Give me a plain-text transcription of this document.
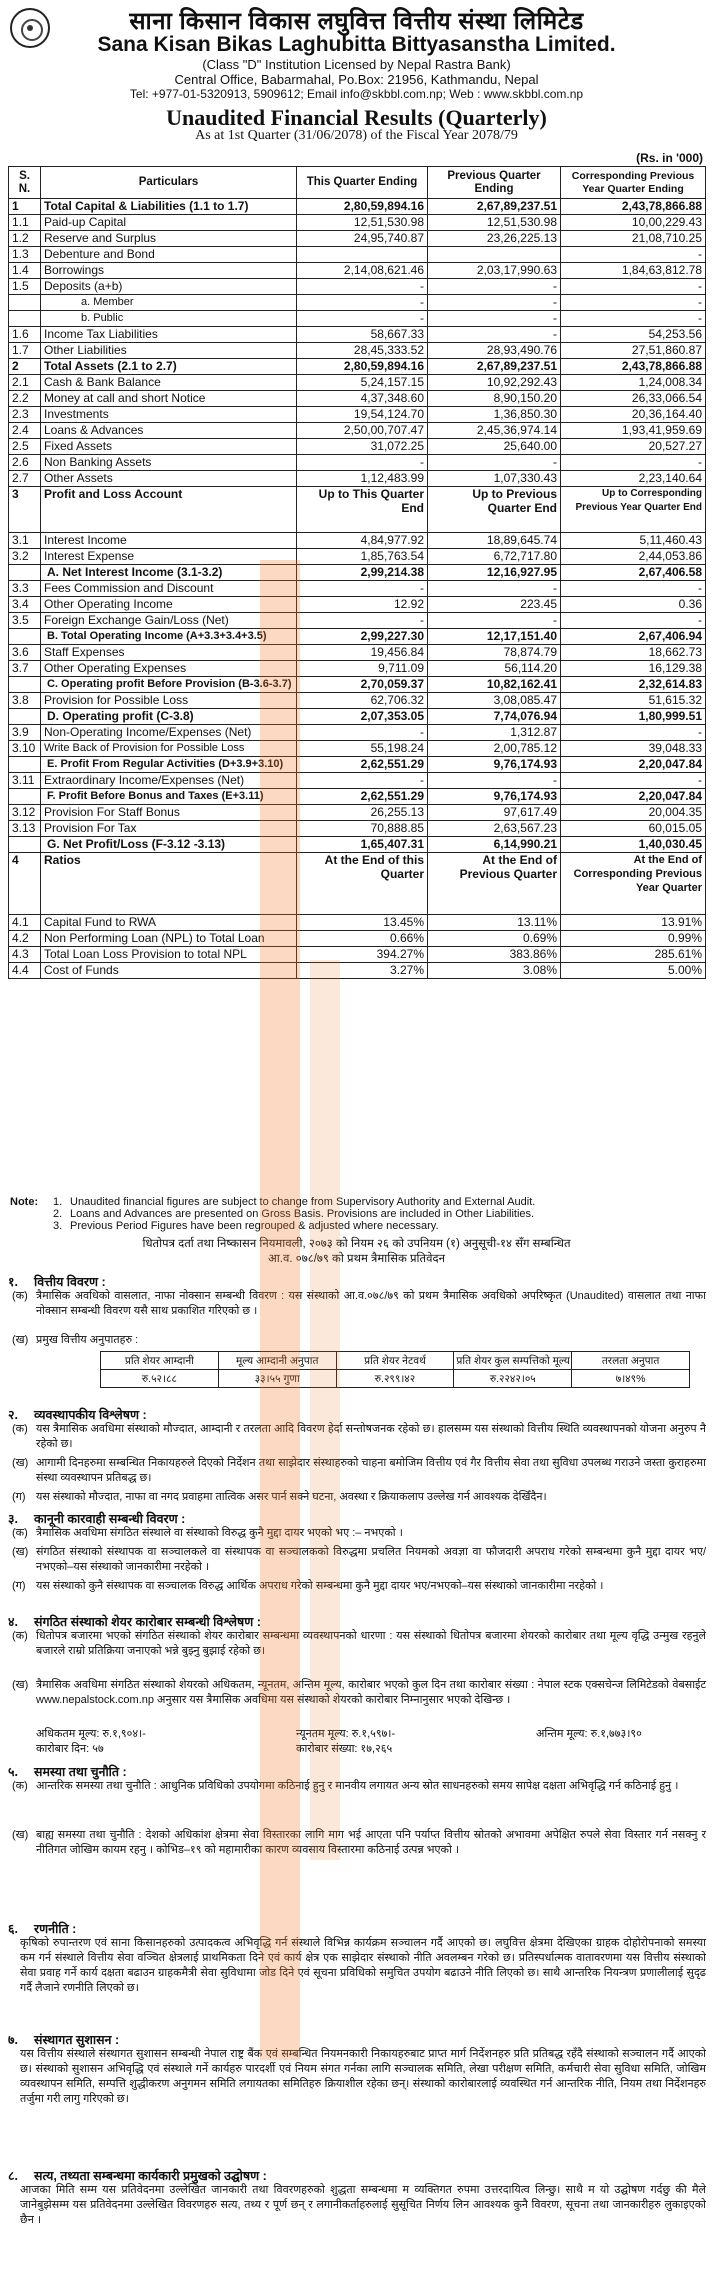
साना किसान विकास लघुवित्त वित्तीय संस्था लिमिटेड
Sana Kisan Bikas Laghubitta Bittyasanstha Limited.
(Class "D" Institution Licensed by Nepal Rastra Bank)
Central Office, Babarmahal, Po.Box: 21956, Kathmandu, Nepal
Tel: +977-01-5320913, 5909612; Email info@skbbl.com.np; Web : www.skbbl.com.np
Unaudited Financial Results (Quarterly)
As at 1st Quarter (31/06/2078) of the Fiscal Year 2078/79
(Rs. in '000)
S. N.	Particulars	This Quarter Ending	Previous Quarter Ending	Corresponding Previous Year Quarter Ending
1	Total Capital & Liabilities (1.1 to 1.7)	2,80,59,894.16	2,67,89,237.51	2,43,78,866.88
1.1	Paid-up Capital	12,51,530.98	12,51,530.98	10,00,229.43
1.2	Reserve and Surplus	24,95,740.87	23,26,225.13	21,08,710.25
1.3	Debenture and Bond			-
1.4	Borrowings	2,14,08,621.46	2,03,17,990.63	1,84,63,812.78
1.5	Deposits (a+b)	-	-	-
	a. Member	-	-	-
	b. Public	-	-	-
1.6	Income Tax Liabilities	58,667.33	-	54,253.56
1.7	Other Liabilities	28,45,333.52	28,93,490.76	27,51,860.87
2	Total Assets (2.1 to 2.7)	2,80,59,894.16	2,67,89,237.51	2,43,78,866.88
2.1	Cash & Bank Balance	5,24,157.15	10,92,292.43	1,24,008.34
2.2	Money at call and short Notice	4,37,348.60	8,90,150.20	26,33,066.54
2.3	Investments	19,54,124.70	1,36,850.30	20,36,164.40
2.4	Loans & Advances	2,50,00,707.47	2,45,36,974.14	1,93,41,959.69
2.5	Fixed Assets	31,072.25	25,640.00	20,527.27
2.6	Non Banking Assets	-	-	-
2.7	Other Assets	1,12,483.99	1,07,330.43	2,23,140.64
3	Profit and Loss Account	Up to This Quarter End	Up to Previous Quarter End	Up to Corresponding Previous Year Quarter End
3.1	Interest Income	4,84,977.92	18,89,645.74	5,11,460.43
3.2	Interest Expense	1,85,763.54	6,72,717.80	2,44,053.86
	A. Net Interest Income (3.1-3.2)	2,99,214.38	12,16,927.95	2,67,406.58
3.3	Fees Commission and Discount	-	-	-
3.4	Other Operating Income	12.92	223.45	0.36
3.5	Foreign Exchange Gain/Loss (Net)	-	-	-
	B. Total Operating Income (A+3.3+3.4+3.5)	2,99,227.30	12,17,151.40	2,67,406.94
3.6	Staff Expenses	19,456.84	78,874.79	18,662.73
3.7	Other Operating Expenses	9,711.09	56,114.20	16,129.38
	C. Operating profit Before Provision (B-3.6-3.7)	2,70,059.37	10,82,162.41	2,32,614.83
3.8	Provision for Possible Loss	62,706.32	3,08,085.47	51,615.32
	D. Operating profit (C-3.8)	2,07,353.05	7,74,076.94	1,80,999.51
3.9	Non-Operating Income/Expenses (Net)	-	1,312.87	-
3.10	Write Back of Provision for Possible Loss	55,198.24	2,00,785.12	39,048.33
	E. Profit From Regular Activities (D+3.9+3.10)	2,62,551.29	9,76,174.93	2,20,047.84
3.11	Extraordinary Income/Expenses (Net)	-	-	-
	F. Profit Before Bonus and Taxes (E+3.11)	2,62,551.29	9,76,174.93	2,20,047.84
3.12	Provision For Staff Bonus	26,255.13	97,617.49	20,004.35
3.13	Provision For Tax	70,888.85	2,63,567.23	60,015.05
	G. Net Profit/Loss (F-3.12 -3.13)	1,65,407.31	6,14,990.21	1,40,030.45
4	Ratios	At the End of this Quarter	At the End of Previous Quarter	At the End of Corresponding Previous Year Quarter
4.1	Capital Fund to RWA	13.45%	13.11%	13.91%
4.2	Non Performing Loan (NPL) to Total Loan	0.66%	0.69%	0.99%
4.3	Total Loan Loss Provision to total NPL	394.27%	383.86%	285.61%
4.4	Cost of Funds	3.27%	3.08%	5.00%
Note: 1. Unaudited financial figures are subject to change from Supervisory Authority and External Audit.
2. Loans and Advances are presented on Gross Basis. Provisions are included in Other Liabilities.
3. Previous Period Figures have been regrouped & adjusted where necessary.
धितोपत्र दर्ता तथा निष्कासन नियमावली, २०७३ को नियम २६ को उपनियम (१) अनुसूची-१४ सँग सम्बन्धित
आ.व. ०७८/७९ को प्रथम त्रैमासिक प्रतिवेदन
१. वित्तीय विवरण :
(क) त्रैमासिक अवधिको वासलात, नाफा नोक्सान सम्बन्धी विवरण : यस संस्थाको आ.व.०७८/७९ को प्रथम त्रैमासिक अवधिको अपरिष्कृत (Unaudited) वासलात तथा नाफा नोक्सान सम्बन्धी विवरण यसै साथ प्रकाशित गरिएको छ ।
(ख) प्रमुख वित्तीय अनुपातहरु :
प्रति शेयर आम्दानी	मूल्य आम्दानी अनुपात	प्रति शेयर नेटवर्थ	प्रति शेयर कुल सम्पत्तिको मूल्य	तरलता अनुपात
रु.५२।८८	३३।५५ गुणा	रु.२९९।४२	रु.२२४२।०५	७।४९%
२. व्यवस्थापकीय विश्लेषण :
(क) यस त्रैमासिक अवधिमा संस्थाको मौज्दात, आम्दानी र तरलता आदि विवरण हेर्दा सन्तोषजनक रहेको छ। हालसम्म यस संस्थाको वित्तीय स्थिति व्यवस्थापनको योजना अनुरुप नै रहेको छ।
(ख) आगामी दिनहरुमा सम्बन्धित निकायहरुले दिएको निर्देशन तथा साझेदार संस्थाहरुको चाहना बमोजिम वित्तीय एवं गैर वित्तीय सेवा तथा सुविधा उपलब्ध गराउने जस्ता कुराहरुमा संस्था व्यवस्थापन प्रतिबद्ध छ।
(ग) यस संस्थाको मौज्दात, नाफा वा नगद प्रवाहमा तात्विक असर पार्न सक्ने घटना, अवस्था र क्रियाकलाप उल्लेख गर्न आवश्यक देखिँदैन।
३. कानूनी कारवाही सम्बन्धी विवरण :
(क) त्रैमासिक अवधिमा संगठित संस्थाले वा संस्थाको विरुद्ध कुनै मुद्दा दायर भएको भए :– नभएको ।
(ख) संगठित संस्थाको संस्थापक वा सञ्चालकले वा संस्थापक वा सञ्चालकको विरुद्धमा प्रचलित नियमको अवज्ञा वा फौजदारी अपराध गरेको सम्बन्धमा कुनै मुद्दा दायर भए/नभएको–यस संस्थाको जानकारीमा नरहेको ।
(ग) यस संस्थाको कुनै संस्थापक वा सञ्चालक विरुद्ध आर्थिक अपराध गरेको सम्बन्धमा कुनै मुद्दा दायर भए/नभएको–यस संस्थाको जानकारीमा नरहेको ।
४. संगठित संस्थाको शेयर कारोबार सम्बन्धी विश्लेषण :
(क) धितोपत्र बजारमा भएको संगठित संस्थाको शेयर कारोबार सम्बन्धमा व्यवस्थापनको धारणा : यस संस्थाको धितोपत्र बजारमा शेयरको कारोबार तथा मूल्य वृद्धि उन्मुख रहनुले बजारले राम्रो प्रतिक्रिया जनाएको भन्ने बुझ्नु बुझाई रहेको छ।
(ख) त्रैमासिक अवधिमा संगठित संस्थाको शेयरको अधिकतम, न्यूनतम, अन्तिम मूल्य, कारोबार भएको कुल दिन तथा कारोबार संख्या : नेपाल स्टक एक्सचेन्ज लिमिटेडको वेबसाईट www.nepalstock.com.np अनुसार यस त्रैमासिक अवधिमा यस संस्थाको शेयरको कारोबार निम्नानुसार भएको देखिन्छ ।
अधिकतम मूल्य: रु.१,९०४।-	न्यूनतम मूल्य: रु.१,५९७।-	अन्तिम मूल्य: रु.१,७७३।९०
कारोबार दिन: ५७	कारोबार संख्या: १७,२६५
५. समस्या तथा चुनौति :
(क) आन्तरिक समस्या तथा चुनौति : आधुनिक प्रविधिको उपयोगमा कठिनाई हुनु र मानवीय लगायत अन्य स्रोत साधनहरुको समय सापेक्ष दक्षता अभिवृद्धि गर्न कठिनाई हुनु ।
(ख) बाह्य समस्या तथा चुनौति : देशको अधिकांश क्षेत्रमा सेवा विस्तारका लागि माग भई आएता पनि पर्याप्त वित्तीय स्रोतको अभावमा अपेक्षित रुपले सेवा विस्तार गर्न नसक्नु र नीतिगत जोखिम कायम रहनु । कोभिड–१९ को महामारीका कारण व्यवसाय विस्तारमा कठिनाई उत्पन्न भएको ।
६. रणनीति :
कृषिको रुपान्तरण एवं साना किसानहरुको उत्पादकत्व अभिवृद्धि गर्न संस्थाले विभिन्न कार्यक्रम सञ्चालन गर्दै आएको छ। लघुवित्त क्षेत्रमा देखिएका ग्राहक दोहोरोपनाको समस्या कम गर्न संस्थाले वित्तीय सेवा वञ्चित क्षेत्रलाई प्राथमिकता दिने एवं कार्य क्षेत्र एक साझेदार संस्थाको नीति अवलम्बन गरेको छ। प्रतिस्पर्धात्मक वातावरणमा यस वित्तीय संस्थाको सेवा प्रवाह गर्ने कार्य दक्षता बढाउन ग्राहकमैत्री सेवा सुविधामा जोड दिने एवं सूचना प्रविधिको समुचित उपयोग बढाउने नीति लिएको छ। साथै आन्तरिक नियन्त्रण प्रणालीलाई सुदृढ गर्दै लैजाने रणनीति लिएको छ।
७. संस्थागत सुशासन :
यस वित्तीय संस्थाले संस्थागत सुशासन सम्बन्धी नेपाल राष्ट्र बैंक एवं सम्बन्धित नियमनकारी निकायहरुबाट प्राप्त मार्ग निर्देशनहरु प्रति प्रतिबद्ध रहँदै संस्थाको सञ्चालन गर्दै आएको छ। संस्थाको सुशासन अभिवृद्धि एवं संस्थाले गर्ने कार्यहरु पारदर्शी एवं नियम संगत गर्नका लागि सञ्चालक समिति, लेखा परीक्षण समिति, कर्मचारी सेवा सुविधा समिति, जोखिम व्यवस्थापन समिति, सम्पत्ति शुद्धीकरण अनुगमन समिति लगायतका समितिहरु क्रियाशील रहेका छन्। संस्थाको कारोबारलाई व्यवस्थित गर्न आन्तरिक नीति, नियम तथा निर्देशनहरु तर्जुमा गरी लागु गरिएको छ।
८. सत्य, तथ्यता सम्बन्धमा कार्यकारी प्रमुखको उद्घोषण :
आजका मिति सम्म यस प्रतिवेदनमा उल्लेखित जानकारी तथा विवरणहरुको शुद्धता सम्बन्धमा म व्यक्तिगत रुपमा उत्तरदायित्व लिन्छु। साथै म यो उद्घोषण गर्दछु की मैले जानेबुझेसम्म यस प्रतिवेदनमा उल्लेखित विवरणहरु सत्य, तथ्य र पूर्ण छन् र लगानीकर्ताहरुलाई सुसूचित निर्णय लिन आवश्यक कुनै विवरण, सूचना तथा जानकारीहरु लुकाइएको छैन ।
